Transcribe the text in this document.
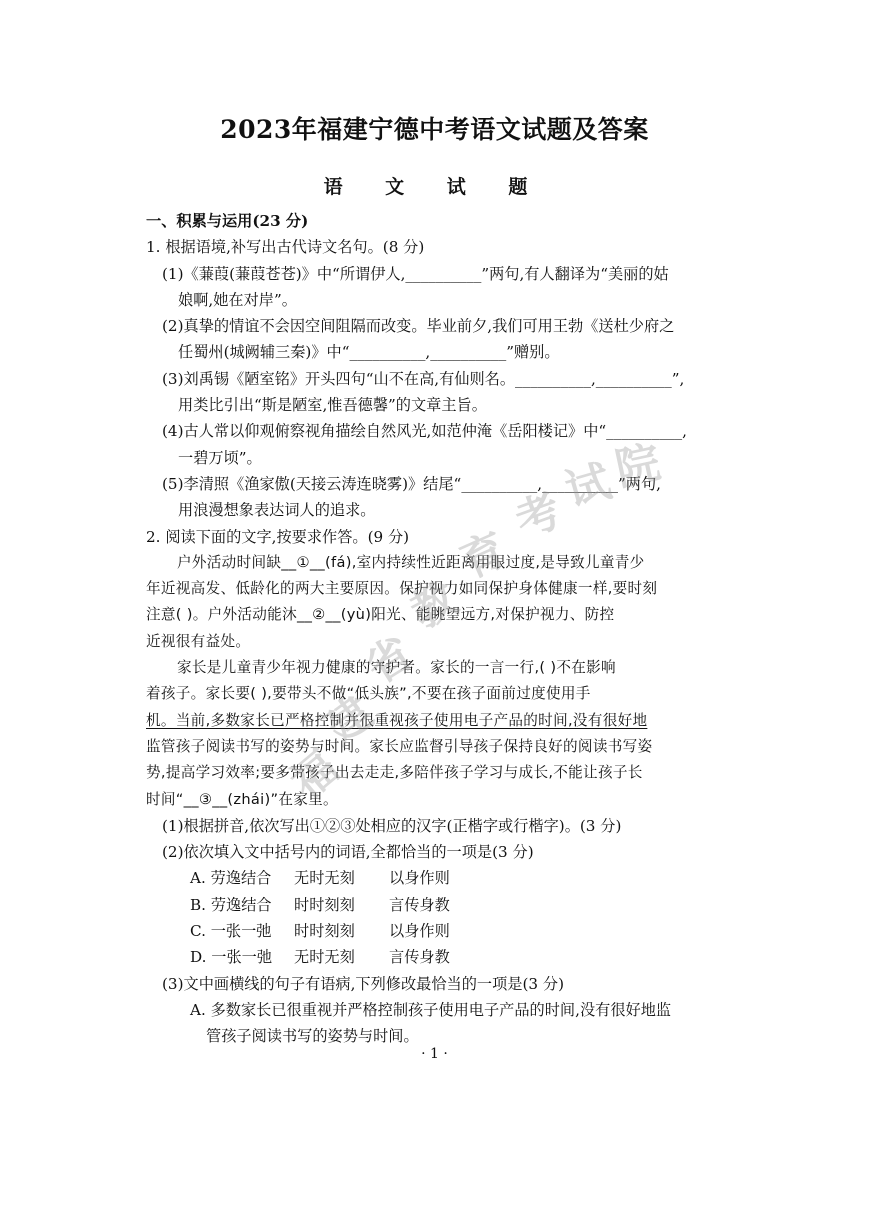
2023年福建宁德中考语文试题及答案
语 文 试 题
一、积累与运用(23 分)
1. 根据语境,补写出古代诗文名句。(8 分)
(1)《蒹葭(蒹葭苍苍)》中“所谓伊人,__________”两句,有人翻译为“美丽的姑
娘啊,她在对岸”。
(2)真挚的情谊不会因空间阻隔而改变。毕业前夕,我们可用王勃《送杜少府之
任蜀州(城阙辅三秦)》中“__________,__________”赠别。
(3)刘禹锡《陋室铭》开头四句“山不在高,有仙则名。__________,__________”,
用类比引出“斯是陋室,惟吾德馨”的文章主旨。
(4)古人常以仰观俯察视角描绘自然风光,如范仲淹《岳阳楼记》中“__________,
一碧万顷”。
(5)李清照《渔家傲(天接云涛连晓雾)》结尾“__________,__________”两句,
用浪漫想象表达词人的追求。
2. 阅读下面的文字,按要求作答。(9 分)
户外活动时间缺__①__(fá),室内持续性近距离用眼过度,是导致儿童青少
年近视高发、低龄化的两大主要原因。保护视力如同保护身体健康一样,要时刻
注意( )。户外活动能沐__②__(yù)阳光、能眺望远方,对保护视力、防控
近视很有益处。
家长是儿童青少年视力健康的守护者。家长的一言一行,( )不在影响
着孩子。家长要( ),要带头不做“低头族”,不要在孩子面前过度使用手
机。当前,多数家长已严格控制并很重视孩子使用电子产品的时间,没有很好地
监管孩子阅读书写的姿势与时间。家长应监督引导孩子保持良好的阅读书写姿
势,提高学习效率;要多带孩子出去走走,多陪伴孩子学习与成长,不能让孩子长
时间“__③__(zhái)”在家里。
(1)根据拼音,依次写出①②③处相应的汉字(正楷字或行楷字)。(3 分)
(2)依次填入文中括号内的词语,全都恰当的一项是(3 分)
A. 劳逸结合 无时无刻 以身作则
B. 劳逸结合 时时刻刻 言传身教
C. 一张一弛 时时刻刻 以身作则
D. 一张一弛 无时无刻 言传身教
(3)文中画横线的句子有语病,下列修改最恰当的一项是(3 分)
A. 多数家长已很重视并严格控制孩子使用电子产品的时间,没有很好地监
管孩子阅读书写的姿势与时间。
福
建
省
教
育
考
试
院
· 1 ·
